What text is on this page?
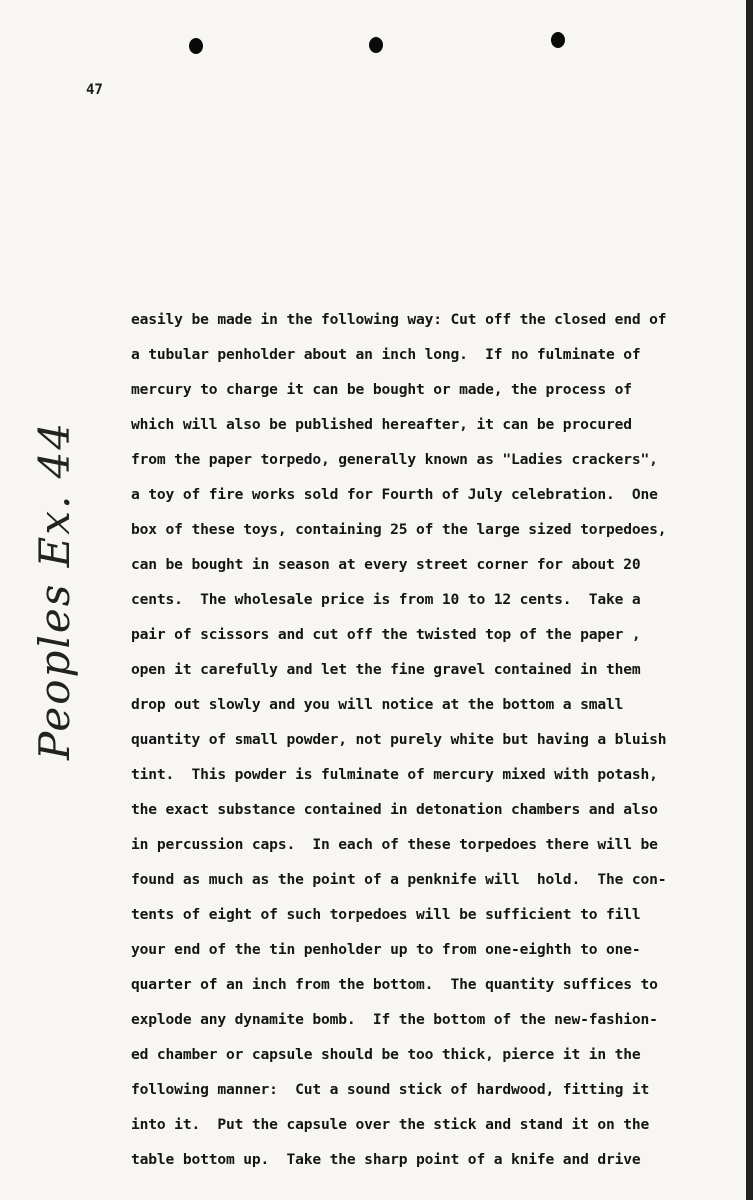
47
Peoples Ex. 44
easily be made in the following way: Cut off the closed end of
a tubular penholder about an inch long.  If no fulminate of
mercury to charge it can be bought or made, the process of
which will also be published hereafter, it can be procured
from the paper torpedo, generally known as "Ladies crackers",
a toy of fire works sold for Fourth of July celebration.  One
box of these toys, containing 25 of the large sized torpedoes,
can be bought in season at every street corner for about 20
cents.  The wholesale price is from 10 to 12 cents.  Take a
pair of scissors and cut off the twisted top of the paper ,
open it carefully and let the fine gravel contained in them
drop out slowly and you will notice at the bottom a small
quantity of small powder, not purely white but having a bluish
tint.  This powder is fulminate of mercury mixed with potash,
the exact substance contained in detonation chambers and also
in percussion caps.  In each of these torpedoes there will be
found as much as the point of a penknife will  hold.  The con-
tents of eight of such torpedoes will be sufficient to fill
your end of the tin penholder up to from one-eighth to one-
quarter of an inch from the bottom.  The quantity suffices to
explode any dynamite bomb.  If the bottom of the new-fashion-
ed chamber or capsule should be too thick, pierce it in the
following manner:  Cut a sound stick of hardwood, fitting it
into it.  Put the capsule over the stick and stand it on the
table bottom up.  Take the sharp point of a knife and drive
